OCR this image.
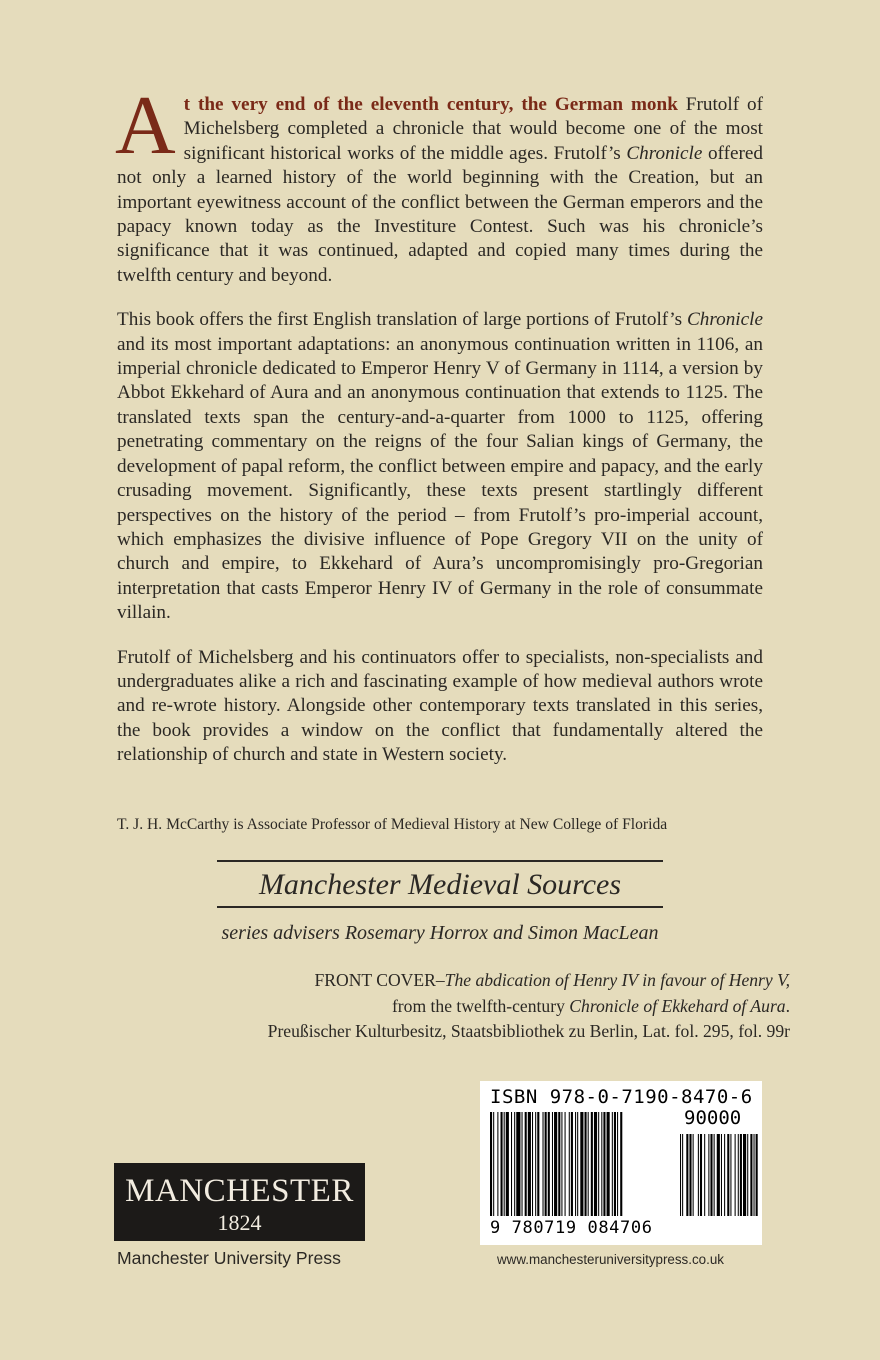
At the very end of the eleventh century, the German monk Frutolf of Michelsberg completed a chronicle that would become one of the most significant historical works of the middle ages. Frutolf’s Chronicle offered not only a learned history of the world beginning with the Creation, but an important eyewitness account of the conflict between the German emperors and the papacy known today as the Investiture Contest. Such was his chronicle’s significance that it was continued, adapted and copied many times during the twelfth century and beyond.

This book offers the first English translation of large portions of Frutolf’s Chronicle and its most important adaptations: an anonymous continuation written in 1106, an imperial chronicle dedicated to Emperor Henry V of Germany in 1114, a version by Abbot Ekkehard of Aura and an anonymous continuation that extends to 1125. The translated texts span the century-and-a-quarter from 1000 to 1125, offering penetrating commentary on the reigns of the four Salian kings of Germany, the development of papal reform, the conflict between empire and papacy, and the early crusading movement. Significantly, these texts present startlingly different perspectives on the history of the period – from Frutolf’s pro-imperial account, which emphasizes the divisive influence of Pope Gregory VII on the unity of church and empire, to Ekkehard of Aura’s uncompromisingly pro-Gregorian interpretation that casts Emperor Henry IV of Germany in the role of consummate villain.

Frutolf of Michelsberg and his continuators offer to specialists, non-specialists and undergraduates alike a rich and fascinating example of how medieval authors wrote and re-wrote history. Alongside other contemporary texts translated in this series, the book provides a window on the conflict that fundamentally altered the relationship of church and state in Western society.

T. J. H. McCarthy is Associate Professor of Medieval History at New College of Florida
Manchester Medieval Sources
series advisers Rosemary Horrox and Simon MacLean
FRONT COVER–The abdication of Henry IV in favour of Henry V,
from the twelfth-century Chronicle of Ekkehard of Aura.
Preußischer Kulturbesitz, Staatsbibliothek zu Berlin, Lat. fol. 295, fol. 99r
MANCHESTER
1824
Manchester University Press
ISBN 978-0-7190-8470-6
90000
9 780719 084706
www.manchesteruniversitypress.co.uk
